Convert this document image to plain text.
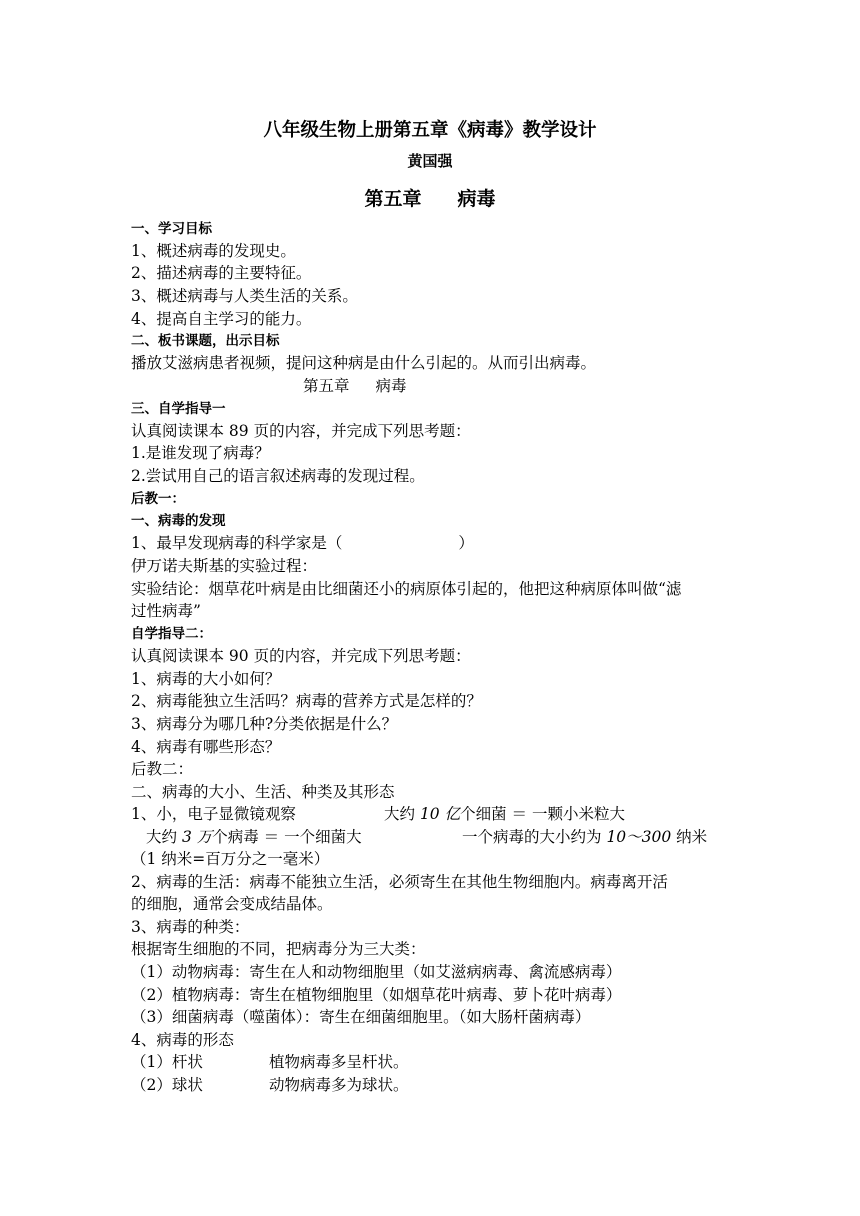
八年级生物上册第五章《病毒》教学设计
黄国强
第五章 病毒
一、学习目标
1、概述病毒的发现史。
2、描述病毒的主要特征。
3、概述病毒与人类生活的关系。
4、提高自主学习的能力。
二、板书课题，出示目标
播放艾滋病患者视频，提问这种病是由什么引起的。从而引出病毒。
第五章 病毒
三、自学指导一
认真阅读课本 89 页的内容，并完成下列思考题：
1.是谁发现了病毒？
2.尝试用自己的语言叙述病毒的发现过程。
后教一：
一、病毒的发现
1、最早发现病毒的科学家是（	）
伊万诺夫斯基的实验过程：
实验结论：烟草花叶病是由比细菌还小的病原体引起的，他把这种病原体叫做“滤
过性病毒”
自学指导二：
认真阅读课本 90 页的内容，并完成下列思考题：
1、病毒的大小如何？
2、病毒能独立生活吗？病毒的营养方式是怎样的？
3、病毒分为哪几种?分类依据是什么？
4、病毒有哪些形态？
后教二：
二、病毒的大小、生活、种类及其形态
1、小，电子显微镜观察	大约 10 亿个细菌 ＝ 一颗小米粒大
大约 3 万个病毒 ＝ 一个细菌大	一个病毒的大小约为 10～300 纳米
（1 纳米=百万分之一毫米）
2、病毒的生活：病毒不能独立生活，必须寄生在其他生物细胞内。病毒离开活
的细胞，通常会变成结晶体。
3、病毒的种类：
根据寄生细胞的不同，把病毒分为三大类：
（1）动物病毒：寄生在人和动物细胞里（如艾滋病病毒、禽流感病毒）
（2）植物病毒：寄生在植物细胞里（如烟草花叶病毒、萝卜花叶病毒）
（3）细菌病毒（噬菌体）：寄生在细菌细胞里。（如大肠杆菌病毒）
4、病毒的形态
（1）杆状	植物病毒多呈杆状。
（2）球状	动物病毒多为球状。
